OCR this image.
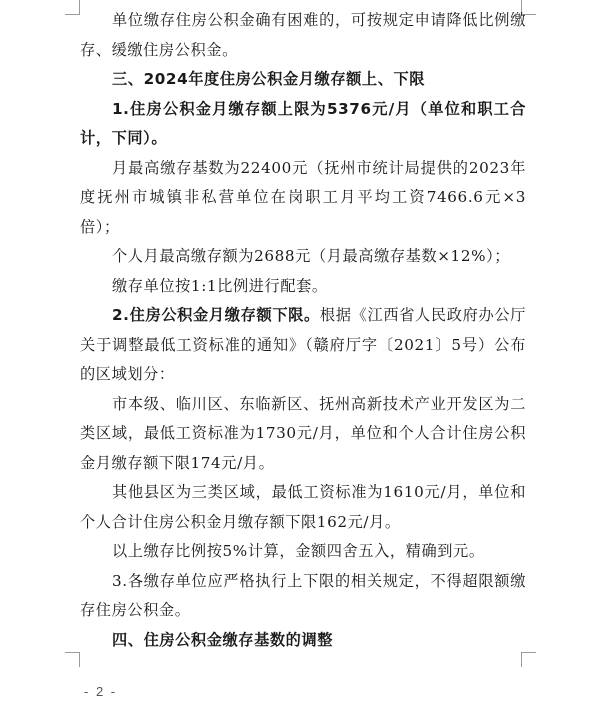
单位缴存住房公积金确有困难的，可按规定申请降低比例缴存、缓缴住房公积金。

三、2024年度住房公积金月缴存额上、下限

1.住房公积金月缴存额上限为5376元/月（单位和职工合计，下同）。

月最高缴存基数为22400元（抚州市统计局提供的2023年度抚州市城镇非私营单位在岗职工月平均工资7466.6元×3倍）；

个人月最高缴存额为2688元（月最高缴存基数×12%）；

缴存单位按1:1比例进行配套。

2.住房公积金月缴存额下限。根据《江西省人民政府办公厅关于调整最低工资标准的通知》（赣府厅字〔2021〕5号）公布的区域划分：

市本级、临川区、东临新区、抚州高新技术产业开发区为二类区域，最低工资标准为1730元/月，单位和个人合计住房公积金月缴存额下限174元/月。

其他县区为三类区域，最低工资标准为1610元/月，单位和个人合计住房公积金月缴存额下限162元/月。

以上缴存比例按5%计算，金额四舍五入，精确到元。

3.各缴存单位应严格执行上下限的相关规定，不得超限额缴存住房公积金。

四、住房公积金缴存基数的调整

- 2 -
